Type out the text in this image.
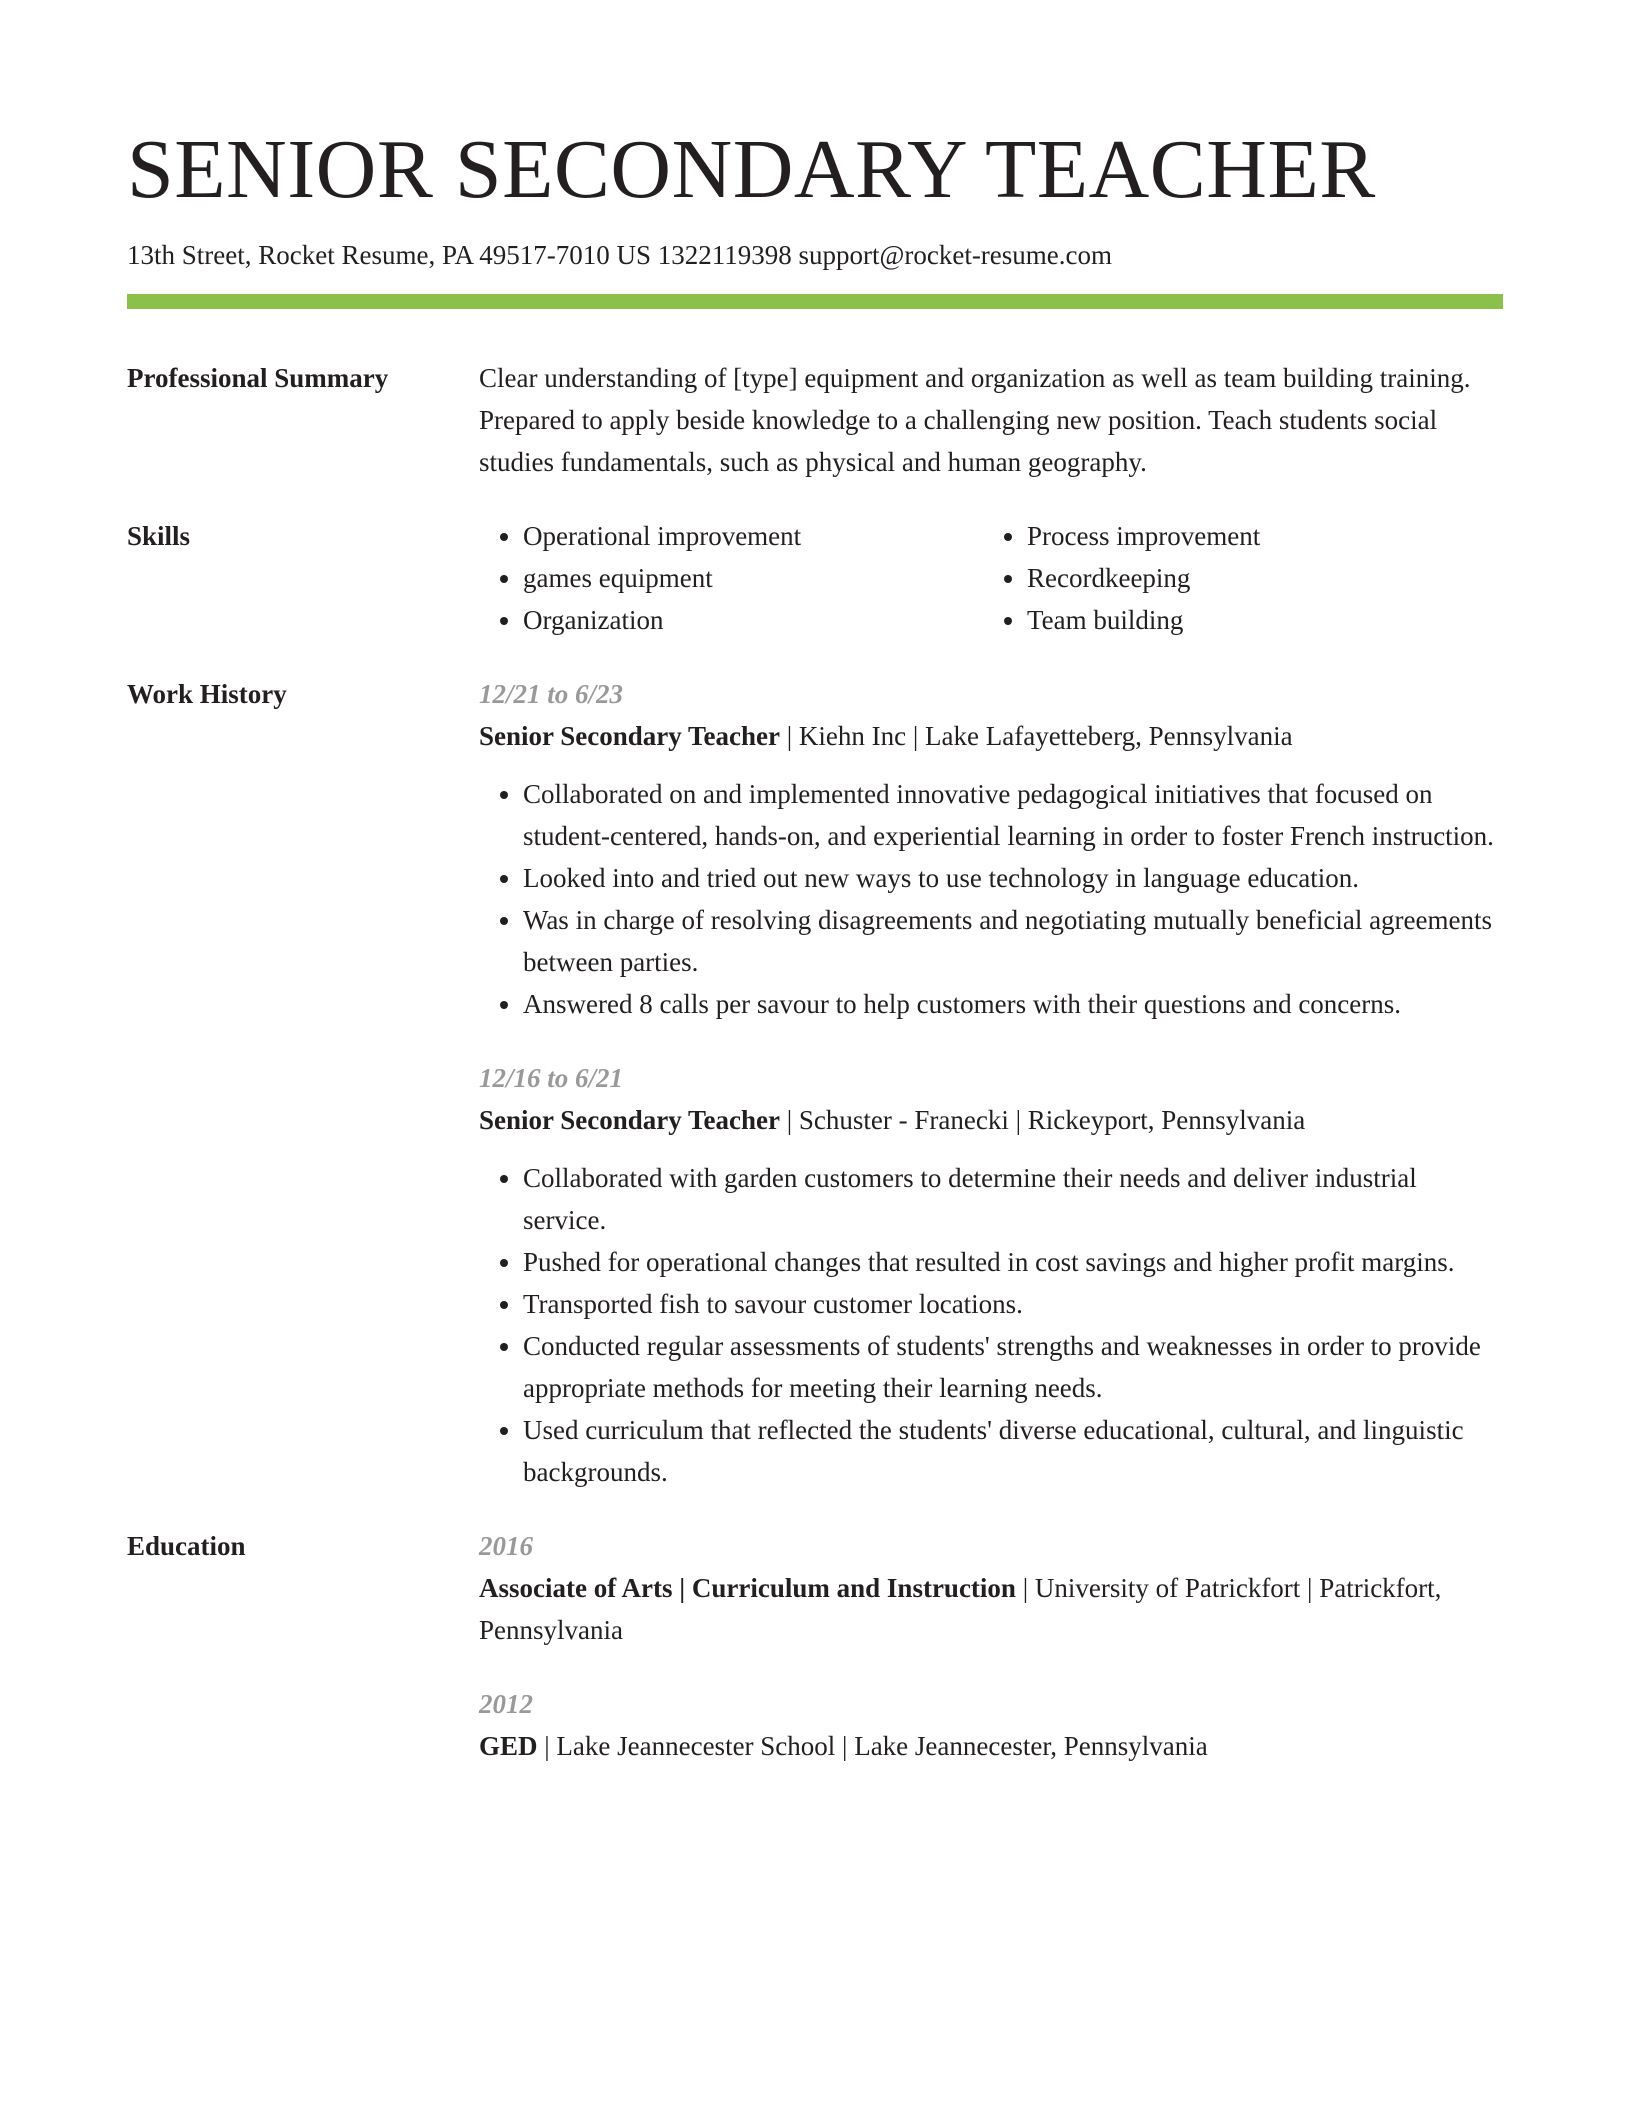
SENIOR SECONDARY TEACHER
13th Street, Rocket Resume, PA 49517-7010 US 1322119398 support@rocket-resume.com
Professional Summary	Clear understanding of [type] equipment and organization as well as team building training. Prepared to apply beside knowledge to a challenging new position. Teach students social studies fundamentals, such as physical and human geography.
Skills
•	Operational improvement
• games equipment
• Organization
• Process improvement
• Recordkeeping
• Team building
Work History	12/21 to 6/23
Senior Secondary Teacher | Kiehn Inc | Lake Lafayetteberg, Pennsylvania
• Collaborated on and implemented innovative pedagogical initiatives that focused on student-centered, hands-on, and experiential learning in order to foster French instruction.
• Looked into and tried out new ways to use technology in language education.
• Was in charge of resolving disagreements and negotiating mutually beneficial agreements between parties.
• Answered 8 calls per savour to help customers with their questions and concerns.
12/16 to 6/21
Senior Secondary Teacher | Schuster - Franecki | Rickeyport, Pennsylvania
• Collaborated with garden customers to determine their needs and deliver industrial service.
• Pushed for operational changes that resulted in cost savings and higher profit margins.
• Transported fish to savour customer locations.
• Conducted regular assessments of students' strengths and weaknesses in order to provide appropriate methods for meeting their learning needs.
• Used curriculum that reflected the students' diverse educational, cultural, and linguistic backgrounds.
Education	2016
Associate of Arts | Curriculum and Instruction | University of Patrickfort | Patrickfort, Pennsylvania
2012
GED | Lake Jeannecester School | Lake Jeannecester, Pennsylvania
